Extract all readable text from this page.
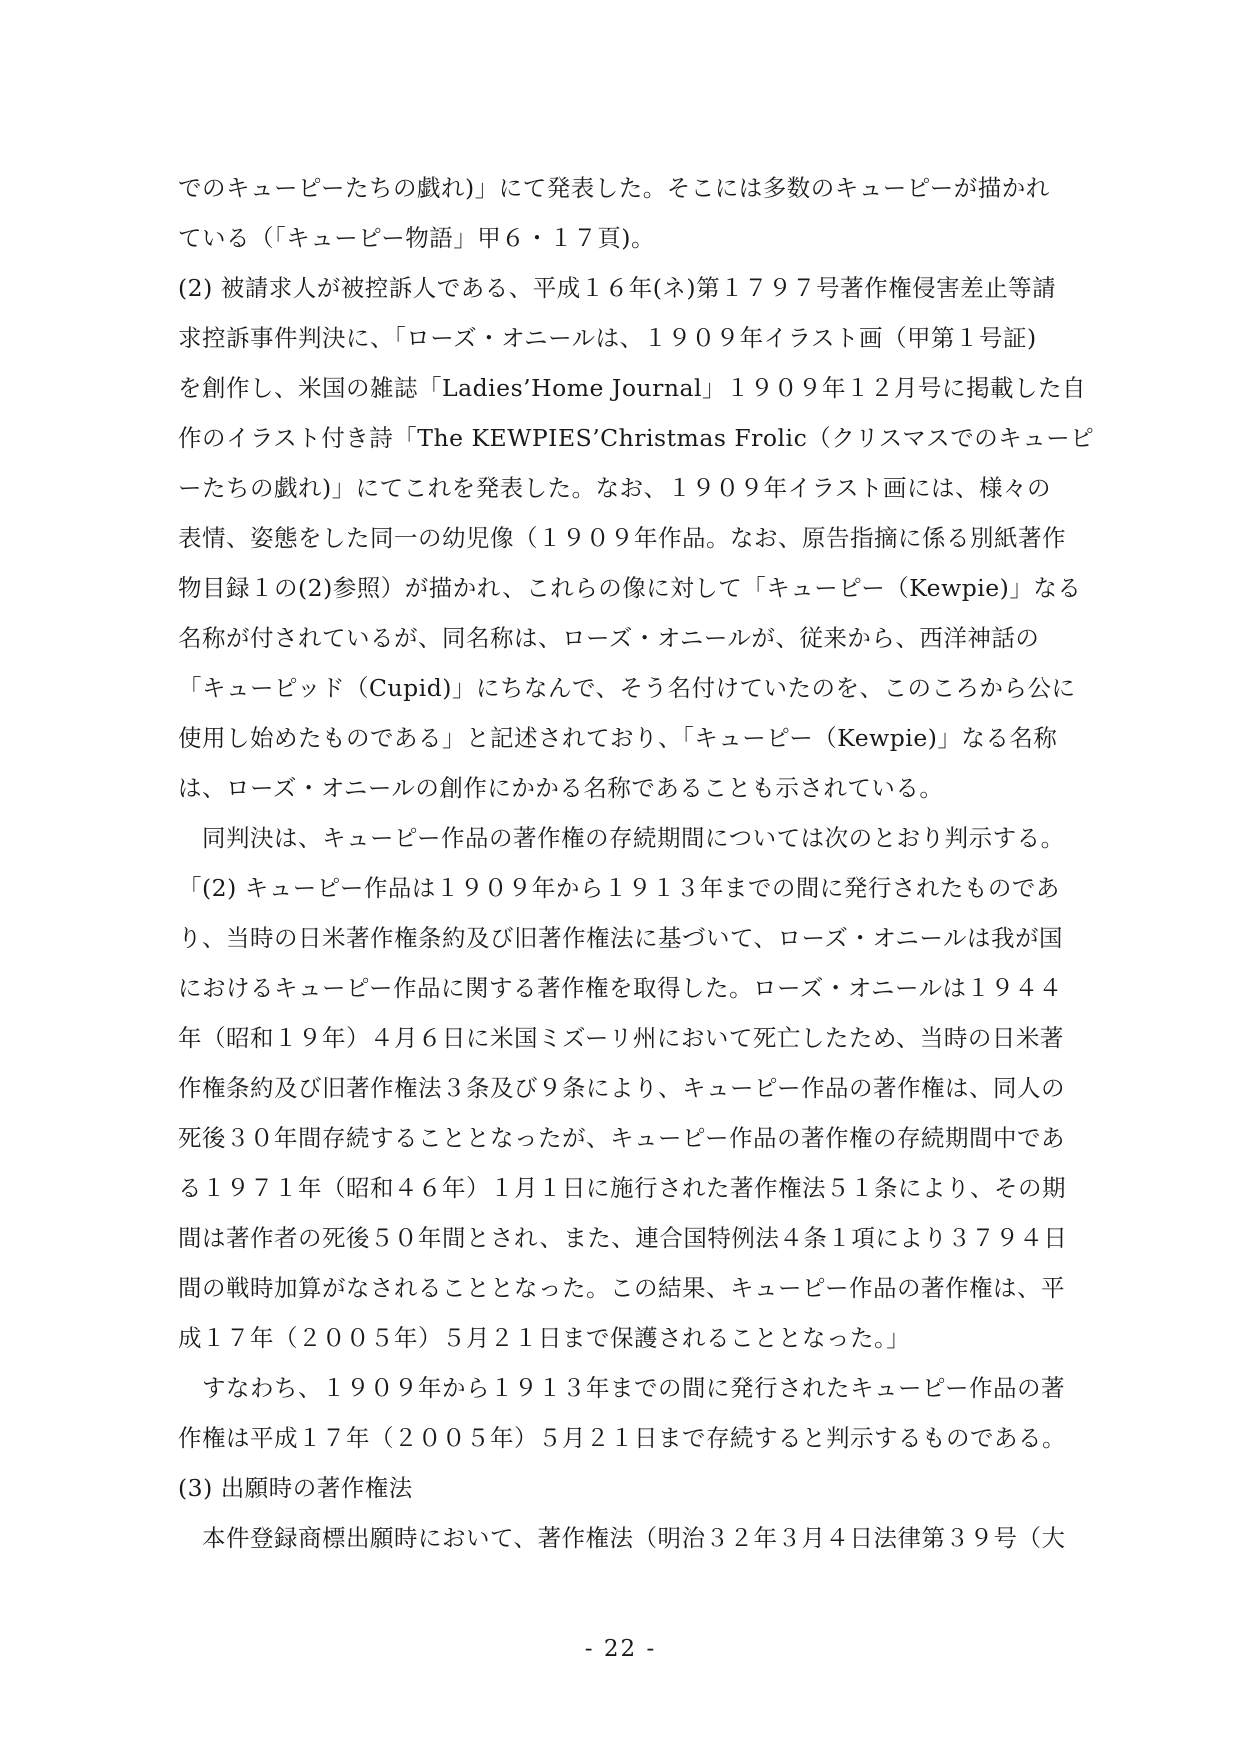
でのキューピーたちの戯れ)」にて発表した。そこには多数のキューピーが描かれ
ている（「キューピー物語」甲６・１７頁)。
(2) 被請求人が被控訴人である、平成１６年(ネ)第１７９７号著作権侵害差止等請
求控訴事件判決に、「ローズ・オニールは、１９０９年イラスト画（甲第１号証)
を創作し、米国の雑誌「Ladies’Home Journal」１９０９年１２月号に掲載した自
作のイラスト付き詩「The KEWPIES’Christmas Frolic（クリスマスでのキューピ
ーたちの戯れ)」にてこれを発表した。なお、１９０９年イラスト画には、様々の
表情、姿態をした同一の幼児像（１９０９年作品。なお、原告指摘に係る別紙著作
物目録１の(2)参照）が描かれ、これらの像に対して「キューピー（Kewpie)」なる
名称が付されているが、同名称は、ローズ・オニールが、従来から、西洋神話の
「キューピッド（Cupid)」にちなんで、そう名付けていたのを、このころから公に
使用し始めたものである」と記述されており、「キューピー（Kewpie)」なる名称
は、ローズ・オニールの創作にかかる名称であることも示されている。
　同判決は、キューピー作品の著作権の存続期間については次のとおり判示する。
「(2) キューピー作品は１９０９年から１９１３年までの間に発行されたものであ
り、当時の日米著作権条約及び旧著作権法に基づいて、ローズ・オニールは我が国
におけるキューピー作品に関する著作権を取得した。ローズ・オニールは１９４４
年（昭和１９年）４月６日に米国ミズーリ州において死亡したため、当時の日米著
作権条約及び旧著作権法３条及び９条により、キューピー作品の著作権は、同人の
死後３０年間存続することとなったが、キューピー作品の著作権の存続期間中であ
る１９７１年（昭和４６年）１月１日に施行された著作権法５１条により、その期
間は著作者の死後５０年間とされ、また、連合国特例法４条１項により３７９４日
間の戦時加算がなされることとなった。この結果、キューピー作品の著作権は、平
成１７年（２００５年）５月２１日まで保護されることとなった。」
　すなわち、１９０９年から１９１３年までの間に発行されたキューピー作品の著
作権は平成１７年（２００５年）５月２１日まで存続すると判示するものである。
(3) 出願時の著作権法
　本件登録商標出願時において、著作権法（明治３２年３月４日法律第３９号（大
- 22 -
